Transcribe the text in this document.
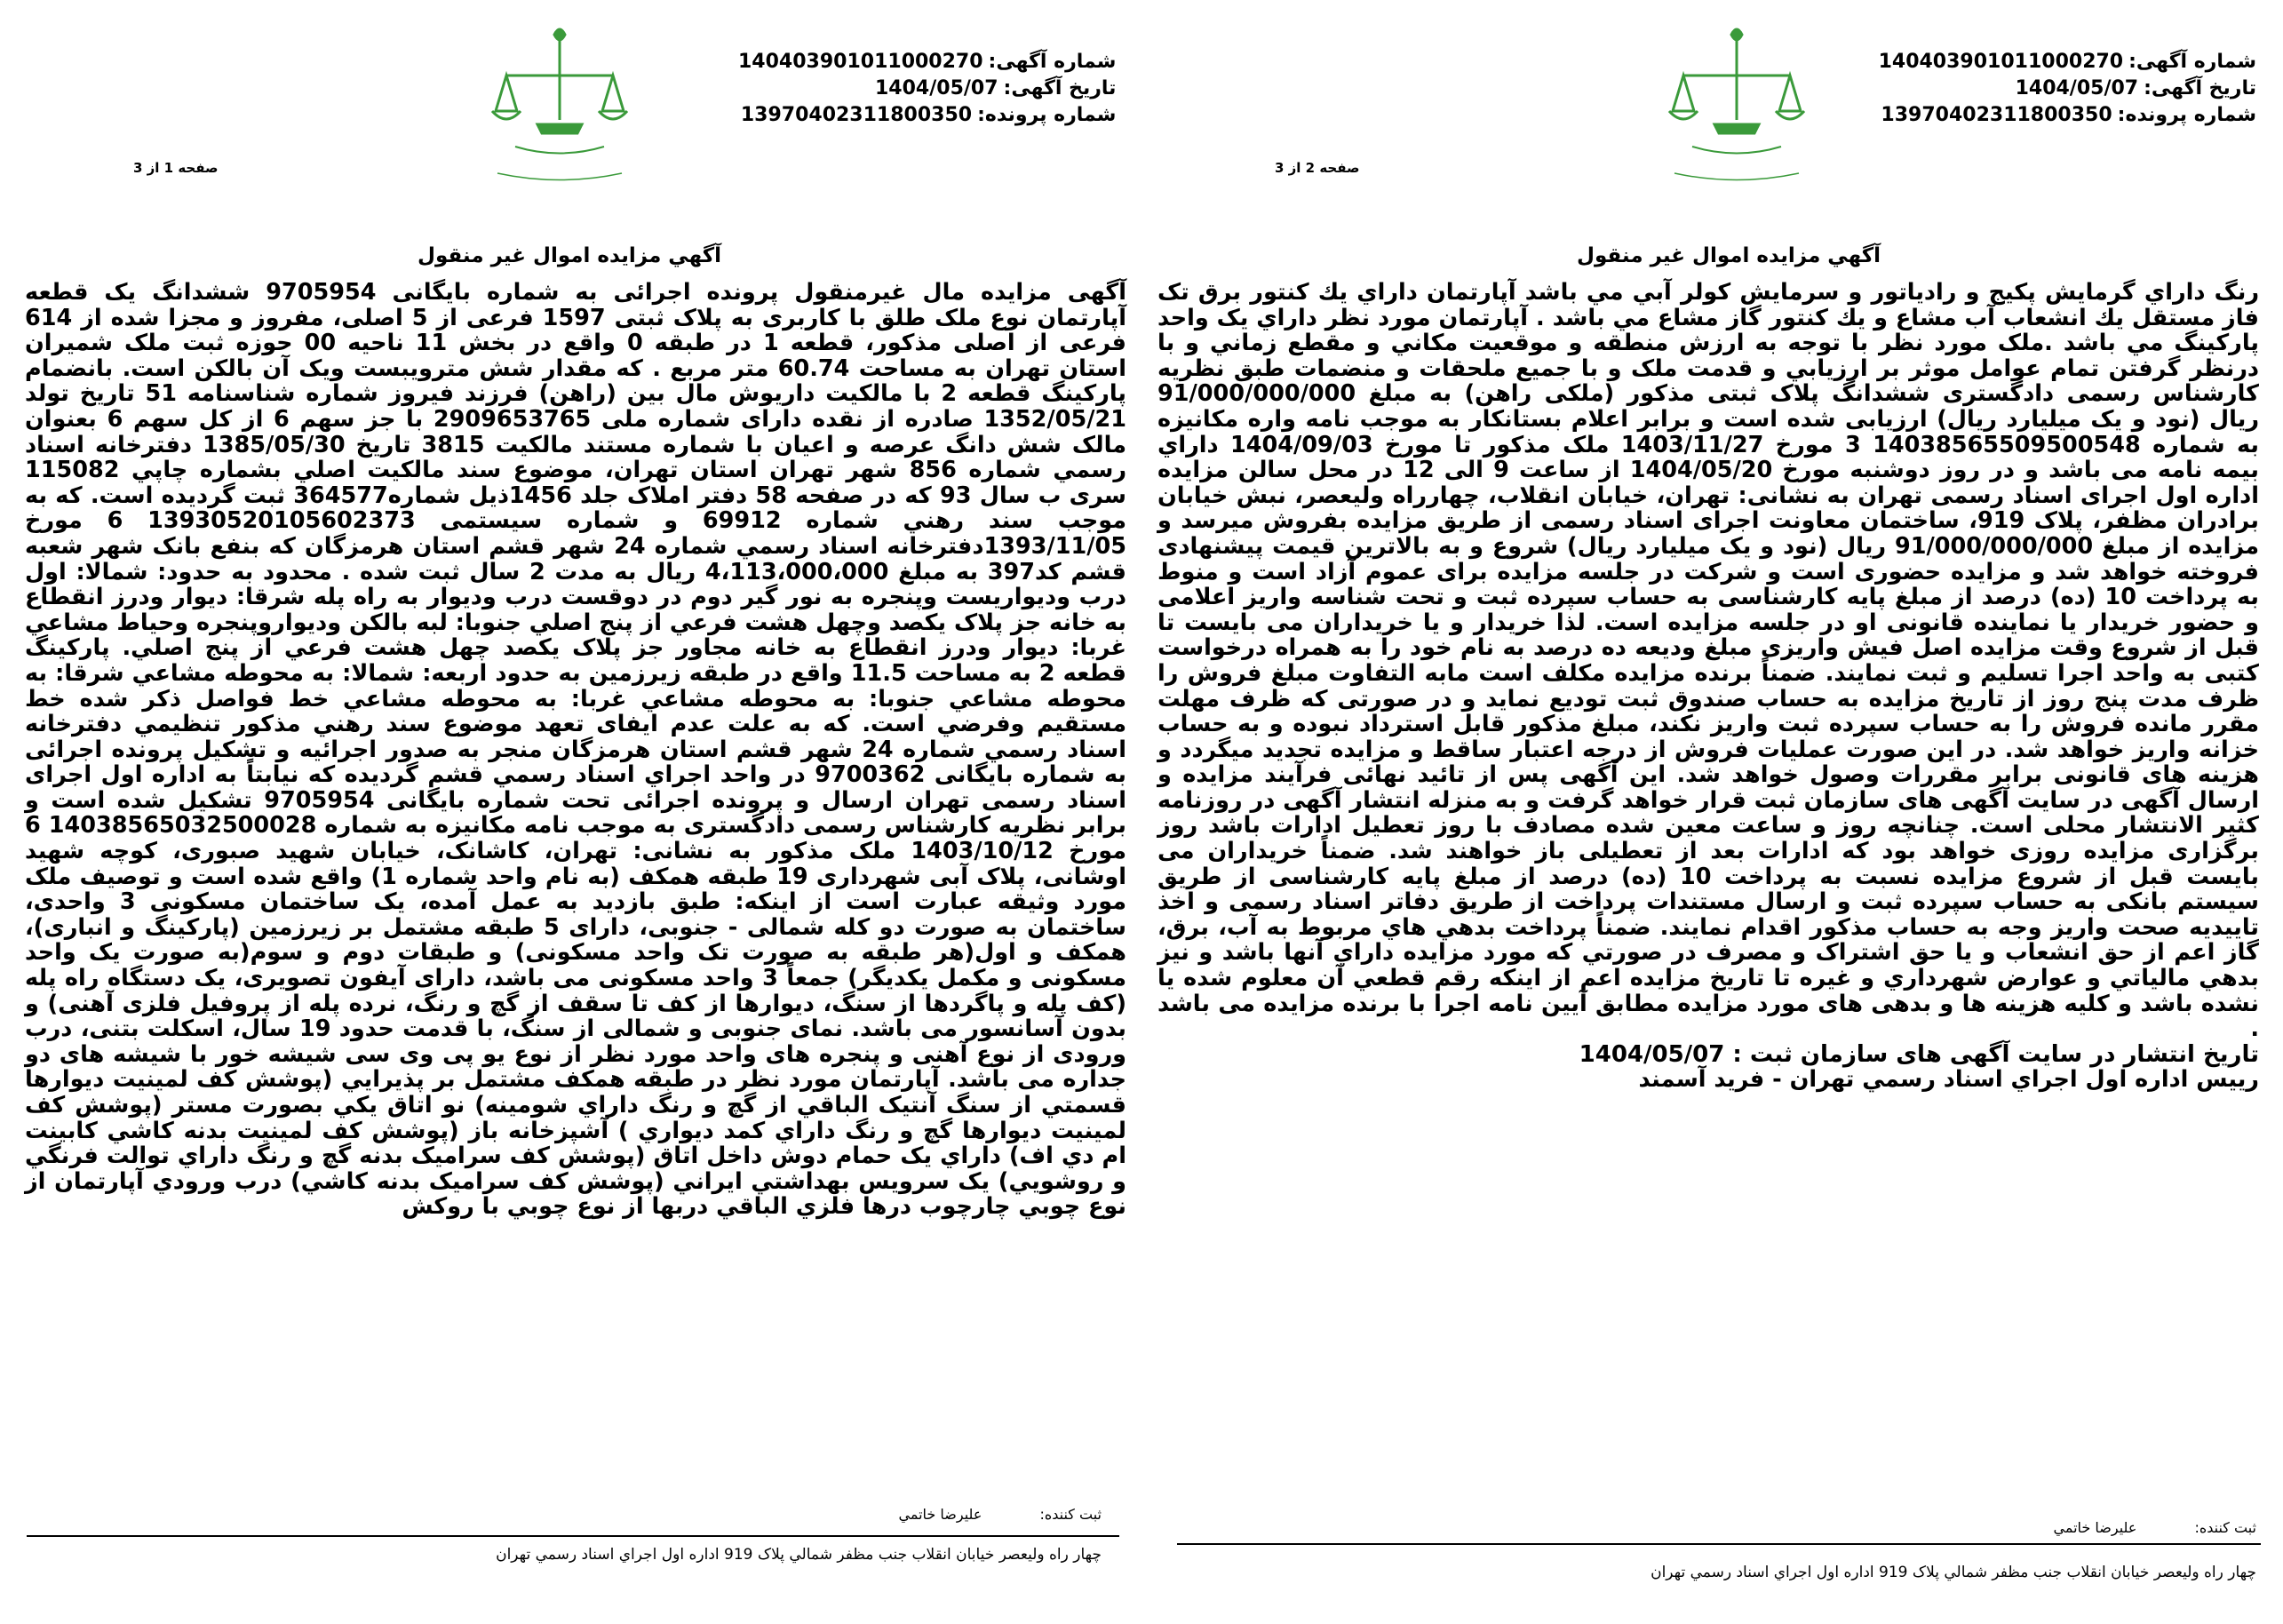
شماره آگهی:140403901011000270
تاریخ آگهی:1404/05/07
شماره پرونده:13970402311800350
صفحه 2 از 3
آگهي مزايده اموال غير منقول

رنگ داراي گرمايش پكيج و رادياتور و سرمايش كولر آبي مي باشد آپارتمان داراي يك كنتور برق تک فاز مستقل يك انشعاب آب مشاع و يك كنتور گاز مشاع مي باشد . آپارتمان مورد نظر داراي يک واحد پارکينگ مي باشد .ملک مورد نظر با توجه به ارزش منطقه و موقعيت مکاني و مقطع زماني و با درنظر گرفتن تمام عوامل موثر بر ارزيابي و قدمت ملک و با جميع ملحقات و منضمات طبق نظريه كارشناس رسمی دادگستری ششدانگ پلاک ثبتی مذکور (ملکی راهن) به مبلغ 91/000/000/000 ريال (نود و يک ميليارد ريال) ارزيابی شده است و برابر اعلام بستانکار به موجب نامه واره مکانيزه به شماره 14038565509500548 3 مورخ 1403/11/27 ملک مذکور تا مورخ 1404/09/03 داراي بيمه نامه می باشد و در روز دوشنبه مورخ 1404/05/20 از ساعت 9 الی 12 در محل سالن مزایده اداره اول اجرای اسناد رسمی تهران به نشانی: تهران، خیابان انقلاب، چهارراه ولیعصر، نبش خیابان برادران مظفر، پلاک 919، ساختمان معاونت اجرای اسناد رسمی از طریق مزایده بفروش میرسد و مزایده از مبلغ 91/000/000/000 ريال (نود و یک میلیارد ریال) شروع و به بالاترین قیمت پیشنهادی فروخته خواهد شد و مزایده حضوری است و شرکت در جلسه مزایده برای عموم آزاد است و منوط به پرداخت 10 (ده) درصد از مبلغ پایه کارشناسی به حساب سپرده ثبت و تحت شناسه واریز اعلامی و حضور خریدار یا نماینده قانونی او در جلسه مزایده است. لذا خریدار و یا خریداران می بایست تا قبل از شروع وقت مزایده اصل فیش واریزی مبلغ ودیعه ده درصد به نام خود را به همراه درخواست کتبی به واحد اجرا تسلیم و ثبت نمایند. ضمناً برنده مزایده مکلف است مابه التفاوت مبلغ فروش را ظرف مدت پنج روز از تاریخ مزایده به حساب صندوق ثبت تودیع نماید و در صورتی که ظرف مهلت مقرر مانده فروش را به حساب سپرده ثبت واریز نکند، مبلغ مذکور قابل استرداد نبوده و به حساب خزانه واریز خواهد شد. در این صورت عملیات فروش از درجه اعتبار ساقط و مزایده تجدید میگردد و هزینه های قانونی برابر مقررات وصول خواهد شد. این آگهی پس از تائید نهائی فرآیند مزایده و ارسال آگهی در سایت آگهی های سازمان ثبت قرار خواهد گرفت و به منزله انتشار آگهی در روزنامه کثیر الانتشار محلی است. چنانچه روز و ساعت معین شده مصادف با روز تعطیل ادارات باشد روز برگزاری مزایده روزی خواهد بود که ادارات بعد از تعطیلی باز خواهند شد. ضمناً خریداران می بایست قبل از شروع مزایده نسبت به پرداخت 10 (ده) درصد از مبلغ پایه کارشناسی از طریق سیستم بانکی به حساب سپرده ثبت و ارسال مستندات پرداخت از طریق دفاتر اسناد رسمی و اخذ تاییدیه صحت واریز وجه به حساب مذکور اقدام نمایند. ضمناً پرداخت بدهي هاي مربوط به آب، برق، گاز اعم از حق انشعاب و يا حق اشتراک و مصرف در صورتي که مورد مزايده داراي آنها باشد و نيز بدهي مالياتي و عوارض شهرداري و غيره تا تاريخ مزايده اعم از اينکه رقم قطعي آن معلوم شده يا نشده باشد و کليه هزينه ها و بدهی های مورد مزایده مطابق آیین نامه اجرا با برنده مزايده می باشد .

تاريخ انتشار در سايت آگهی های سازمان ثبت : 1404/05/07

رييس اداره اول اجراي اسناد رسمي تهران - فريد آسمند

ثبت کننده: عليرضا خاتمي
چهار راه وليعصر خيابان انقلاب جنب مظفر شمالي پلاک 919 اداره اول اجراي اسناد رسمي تهران
شماره آگهی:140403901011000270
تاریخ آگهی:1404/05/07
شماره پرونده:13970402311800350
صفحه 1 از 3
آگهي مزايده اموال غير منقول

آگهی مزایده مال غیرمنقول پرونده اجرائی به شماره بایگانی 9705954 ششدانگ یک قطعه آپارتمان نوع ملک طلق با کاربری به پلاک ثبتی 1597 فرعی از 5 اصلی، مفروز و مجزا شده از 614 فرعی از اصلی مذکور، قطعه 1 در طبقه 0 واقع در بخش 11 ناحیه 00 حوزه ثبت ملک شمیران استان تهران به مساحت 60.74 متر مربع . که مقدار شش مترویبست ویک آن بالکن است. بانضمام پارکینگ قطعه 2 با مالکیت داریوش مال بین (راهن) فرزند فیروز شماره شناسنامه 51 تاریخ تولد 1352/05/21 صادره از نقده دارای شماره ملی 2909653765 با جز سهم 6 از کل سهم 6 بعنوان مالک شش دانگ عرصه و اعیان با شماره مستند مالکیت 3815 تاریخ 1385/05/30 دفترخانه اسناد رسمي شماره 856 شهر تهران استان تهران، موضوع سند مالكيت اصلي بشماره چاپي 115082 سری ب سال 93 که در صفحه 58 دفتر املاک جلد 1456ذیل شماره364577 ثبت گردیده است. که به موجب سند رهني شماره 69912 و شماره سیستمی 13930520105602373 6 مورخ 1393/11/05دفترخانه اسناد رسمي شماره 24 شهر قشم استان هرمزگان که بنفع بانک شهر شعبه قشم کد397 به مبلغ 4،113،000،000 ریال به مدت 2 سال ثبت شده . محدود به حدود: شمالا: اول درب ودیواریست وپنجره به نور گیر دوم در دوقست درب ودیوار به راه پله شرقا: دیوار ودرز انقطاع به خانه جز پلاک یکصد وچهل هشت فرعي از پنج اصلي جنوبا: لبه بالکن ودیوارو‌پنجره وحیاط مشاعي غربا: دیوار ودرز انقطاع به خانه مجاور جز پلاک یکصد چهل هشت فرعي از پنج اصلي. پارکینگ قطعه 2 به مساحت 11.5 واقع در طبقه زیرزمین به حدود اربعه: شمالا: به محوطه مشاعي شرقا: به محوطه مشاعي جنوبا: به محوطه مشاعي غربا: به محوطه مشاعي خط فواصل ذکر شده خط مستقیم وفرضي است. که به علت عدم ایفای تعهد موضوع سند رهني مذکور تنظیمي دفترخانه اسناد رسمي شماره 24 شهر قشم استان هرمزگان منجر به صدور اجرائیه و تشکیل پرونده اجرائی به شماره بایگانی 9700362 در واحد اجراي اسناد رسمي قشم گردیده که نیابتاً به اداره اول اجرای اسناد رسمی تهران ارسال و پرونده اجرائی تحت شماره بایگانی 9705954 تشکیل شده است و برابر نظریه کارشناس رسمی دادگستری به موجب نامه مکانیزه به شماره 14038565032500028 6 مورخ 1403/10/12 ملک مذکور به نشانی: تهران، کاشانک، خیابان شهید صبوری، کوچه شهید اوشانی، پلاک آبی شهرداری 19 طبقه همکف (به نام واحد شماره 1) واقع شده است و توصیف ملک مورد وثیقه عبارت است از اینکه: طبق بازدید به عمل آمده، یک ساختمان مسکونی 3 واحدی، ساختمان به صورت دو کله شمالی - جنوبی، دارای 5 طبقه مشتمل بر زیرزمین (پارکینگ و انباری)، همکف و اول(هر طبقه به صورت تک واحد مسکونی) و طبقات دوم و سوم(به صورت یک واحد مسکونی و مکمل یکدیگر) جمعاً 3 واحد مسکونی می باشد، دارای آیفون تصویری، یک دستگاه راه پله (کف پله و پاگردها از سنگ، دیوارها از کف تا سقف از گچ و رنگ، نرده پله از پروفیل فلزی آهنی) و بدون آسانسور می باشد. نمای جنوبی و شمالی از سنگ، با قدمت حدود 19 سال، اسکلت بتنی، درب ورودی از نوع آهنی و پنجره های واحد مورد نظر از نوع یو پی وی سی شیشه خور با شیشه های دو جداره می باشد. آپارتمان مورد نظر در طبقه همكف مشتمل بر پذيرايي (پوشش كف لمينيت ديوارها قسمتي از سنگ آنتيک الباقي از گچ و رنگ داراي شومينه) نو اتاق يكي بصورت مستر (پوشش كف لمينيت ديوارها گچ و رنگ داراي كمد ديواري ) آشپزخانه باز (پوشش كف لمينيت بدنه كاشي كابينت ام دي اف) داراي يک حمام دوش داخل اتاق (پوشش كف سراميک بدنه گچ و رنگ داراي توالت فرنگي و روشويي) يک سرويس بهداشتي ايراني (پوشش كف سراميک بدنه كاشي) درب ورودي آپارتمان از نوع چوبي چارچوب درها فلزي الباقي دربها از نوع چوبي با روكش

ثبت کننده: عليرضا خاتمي
چهار راه وليعصر خيابان انقلاب جنب مظفر شمالي پلاک 919 اداره اول اجراي اسناد رسمي تهران
